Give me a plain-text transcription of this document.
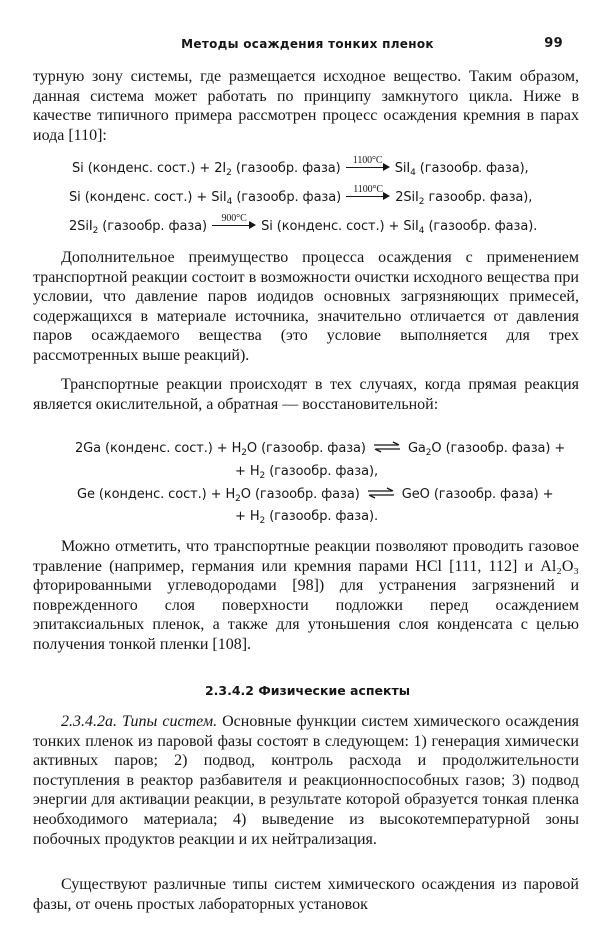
Методы осаждения тонких пленок	99

турную зону системы, где размещается исходное вещество. Таким образом, данная система может работать по принципу замкнутого цикла. Ниже в качестве типичного примера рассмотрен процесс осаждения кремния в парах иода [110]:

Si (конденс. сост.) + $2I_2$ (газообр. фаза)
1100°C
SiI$_4$ (газообр. фаза),
Si (конденс. сост.) + SiI$_4$ (газообр. фаза)
1100°C
2SiI$_2$ газообр. фаза),
2SiI$_2$ (газообр. фаза)
900°C
Si (конденс. сост.) + SiI$_4$ (газообр. фаза).

Дополнительное преимущество процесса осаждения с применением транспортной реакции состоит в возможности очистки исходного вещества при условии, что давление паров иодидов основных загрязняющих примесей, содержащихся в материале источника, значительно отличается от давления паров осаждаемого вещества (это условие выполняется для трех рассмотренных выше реакций).

Транспортные реакции происходят в тех случаях, когда прямая реакция является окислительной, а обратная — восстановительной:

2Ga (конденс. сост.) + $H_2O$ (газообр. фаза) ⇌ $Ga_2O$ (газообр. фаза) +
+ $H_2$ (газообр. фаза),
Ge (конденс. сост.) + $H_2O$ (газообр. фаза) ⇌ GeO (газообр. фаза) +
+ $H_2$ (газообр. фаза).

Можно отметить, что транспортные реакции позволяют проводить газовое травление (например, германия или кремния парами HCl [111, 112] и Al₂O₃ фторированными углеводородами [98]) для устранения загрязнений и поврежденного слоя поверхности подложки перед осаждением эпитаксиальных пленок, а также для утоньшения слоя конденсата с целью получения тонкой пленки [108].

2.3.4.2 Физические аспекты

2.3.4.2а. Типы систем. Основные функции систем химического осаждения тонких пленок из паровой фазы состоят в следующем: 1) генерация химически активных паров; 2) подвод, контроль расхода и продолжительности поступления в реактор разбавителя и реакционноспособных газов; 3) подвод энергии для активации реакции, в результате которой образуется тонкая пленка необходимого материала; 4) выведение из высокотемпературной зоны побочных продуктов реакции и их нейтрализация.

Существуют различные типы систем химического осаждения из паровой фазы, от очень простых лабораторных установок
